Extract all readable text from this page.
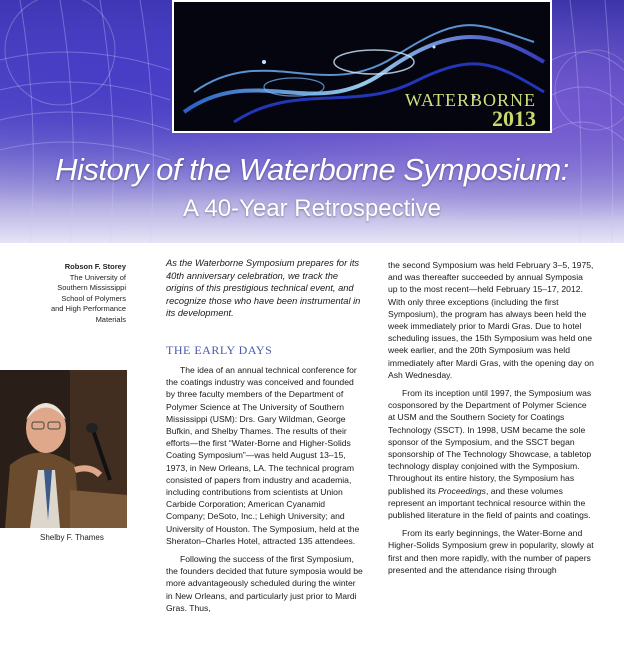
WATERBORNE
2013
History of the Waterborne Symposium:
A 40-Year Retrospective
Robson F. Storey
The University of
Southern Mississippi
School of Polymers
and High Performance
Materials
Shelby F. Thames
As the Waterborne Symposium prepares for its 40th anniversary celebration, we track the origins of this prestigious technical event, and recognize those who have been instrumental in its development.
THE EARLY DAYS

The idea of an annual technical conference for the coatings industry was conceived and founded by three faculty members of the Department of Polymer Science at The University of Southern Mississippi (USM): Drs. Gary Wildman, George Bufkin, and Shelby Thames. The results of their efforts—the first “Water-Borne and Higher-Solids Coating Symposium”—was held August 13–15, 1973, in New Orleans, LA. The technical program consisted of papers from industry and academia, including contributions from scientists at Union Carbide Corporation; American Cyanamid Company; DeSoto, Inc.; Lehigh University; and University of Houston. The Symposium, held at the Sheraton–Charles Hotel, attracted 135 attendees.

Following the success of the first Symposium, the founders decided that future symposia would be more advantageously scheduled during the winter in New Orleans, and particularly just prior to Mardi Gras. Thus,

the second Symposium was held February 3–5, 1975, and was thereafter succeeded by annual Symposia up to the most recent—held February 15–17, 2012. With only three exceptions (including the first Symposium), the program has always been held the week immediately prior to Mardi Gras. Due to hotel scheduling issues, the 15th Symposium was held one week earlier, and the 20th Symposium was held immediately after Mardi Gras, with the opening day on Ash Wednesday.

From its inception until 1997, the Symposium was cosponsored by the Department of Polymer Science at USM and the Southern Society for Coatings Technology (SSCT). In 1998, USM became the sole sponsor of the Symposium, and the SSCT began sponsorship of The Technology Showcase, a tabletop technology display conjoined with the Symposium. Throughout its entire history, the Symposium has published its Proceedings, and these volumes represent an important technical resource within the published literature in the field of paints and coatings.

From its early beginnings, the Water-Borne and Higher-Solids Symposium grew in popularity, slowly at first and then more rapidly, with the number of papers presented and the attendance rising through
